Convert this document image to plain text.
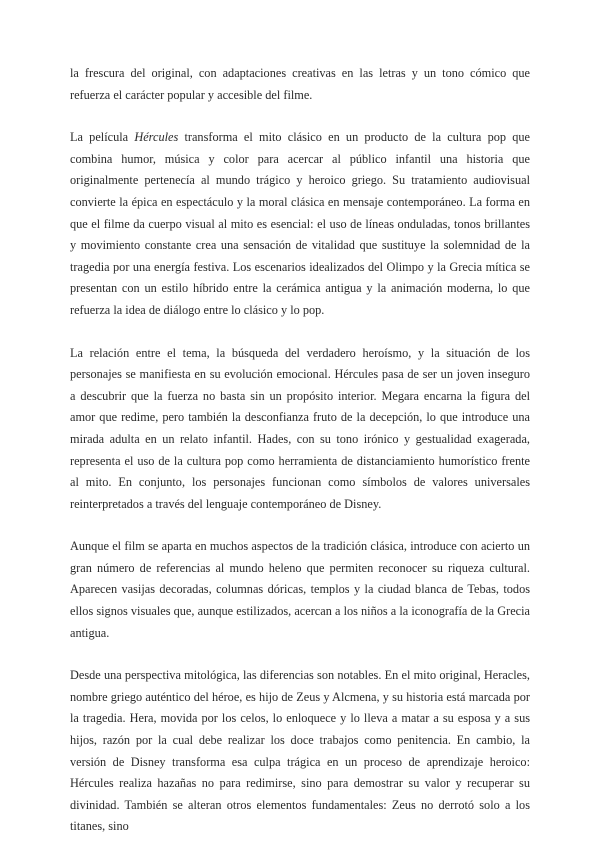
la frescura del original, con adaptaciones creativas en las letras y un tono cómico que refuerza el carácter popular y accesible del filme.

La película Hércules transforma el mito clásico en un producto de la cultura pop que combina humor, música y color para acercar al público infantil una historia que originalmente pertenecía al mundo trágico y heroico griego. Su tratamiento audiovisual convierte la épica en espectáculo y la moral clásica en mensaje contemporáneo. La forma en que el filme da cuerpo visual al mito es esencial: el uso de líneas onduladas, tonos brillantes y movimiento constante crea una sensación de vitalidad que sustituye la solemnidad de la tragedia por una energía festiva. Los escenarios idealizados del Olimpo y la Grecia mítica se presentan con un estilo híbrido entre la cerámica antigua y la animación moderna, lo que refuerza la idea de diálogo entre lo clásico y lo pop.

La relación entre el tema, la búsqueda del verdadero heroísmo, y la situación de los personajes se manifiesta en su evolución emocional. Hércules pasa de ser un joven inseguro a descubrir que la fuerza no basta sin un propósito interior. Megara encarna la figura del amor que redime, pero también la desconfianza fruto de la decepción, lo que introduce una mirada adulta en un relato infantil. Hades, con su tono irónico y gestualidad exagerada, representa el uso de la cultura pop como herramienta de distanciamiento humorístico frente al mito. En conjunto, los personajes funcionan como símbolos de valores universales reinterpretados a través del lenguaje contemporáneo de Disney.

Aunque el film se aparta en muchos aspectos de la tradición clásica, introduce con acierto un gran número de referencias al mundo heleno que permiten reconocer su riqueza cultural. Aparecen vasijas decoradas, columnas dóricas, templos y la ciudad blanca de Tebas, todos ellos signos visuales que, aunque estilizados, acercan a los niños a la iconografía de la Grecia antigua.

Desde una perspectiva mitológica, las diferencias son notables. En el mito original, Heracles, nombre griego auténtico del héroe, es hijo de Zeus y Alcmena, y su historia está marcada por la tragedia. Hera, movida por los celos, lo enloquece y lo lleva a matar a su esposa y a sus hijos, razón por la cual debe realizar los doce trabajos como penitencia. En cambio, la versión de Disney transforma esa culpa trágica en un proceso de aprendizaje heroico: Hércules realiza hazañas no para redimirse, sino para demostrar su valor y recuperar su divinidad. También se alteran otros elementos fundamentales: Zeus no derrotó solo a los titanes, sino
